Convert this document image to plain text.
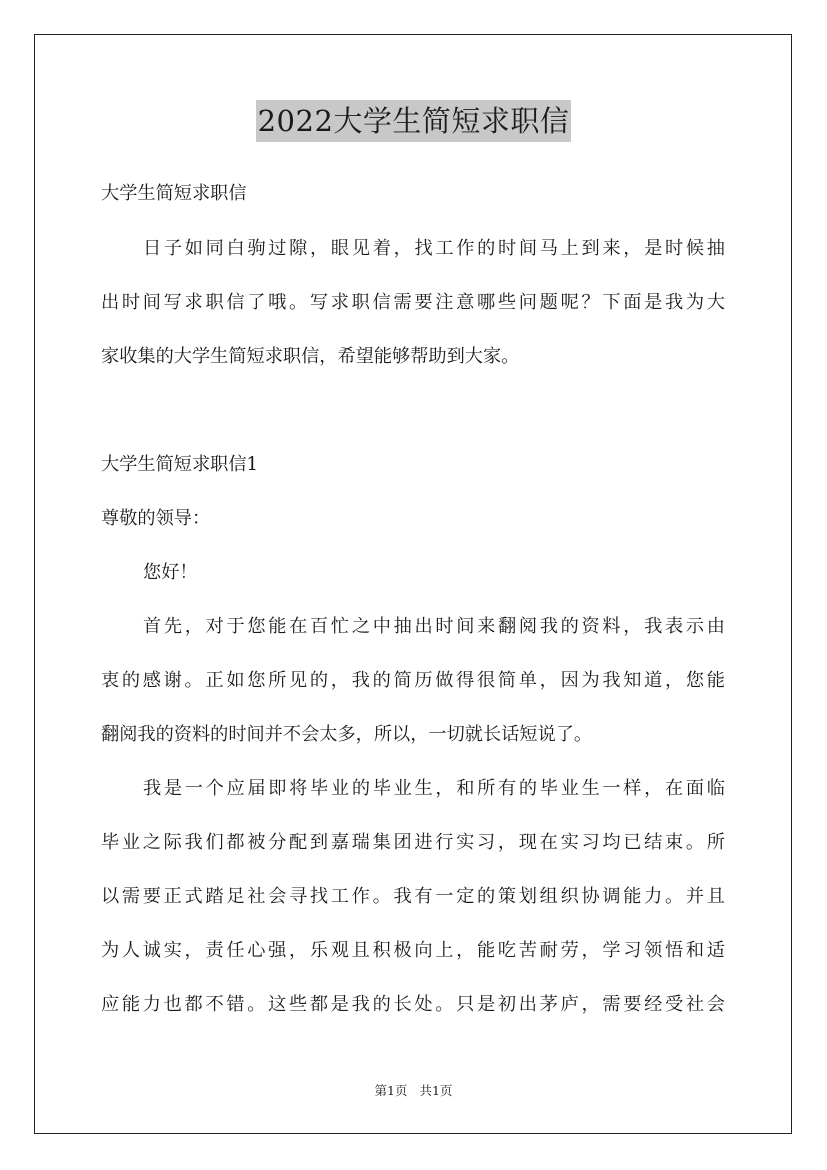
2022大学生简短求职信
大学生简短求职信
日子如同白驹过隙，眼见着，找工作的时间马上到来，是时候抽
出时间写求职信了哦。写求职信需要注意哪些问题呢？下面是我为大
家收集的大学生简短求职信，希望能够帮助到大家。
大学生简短求职信1
尊敬的领导：
您好！
首先，对于您能在百忙之中抽出时间来翻阅我的资料，我表示由
衷的感谢。正如您所见的，我的简历做得很简单，因为我知道，您能
翻阅我的资料的时间并不会太多，所以，一切就长话短说了。
我是一个应届即将毕业的毕业生，和所有的毕业生一样，在面临
毕业之际我们都被分配到嘉瑞集团进行实习，现在实习均已结束。所
以需要正式踏足社会寻找工作。我有一定的策划组织协调能力。并且
为人诚实，责任心强，乐观且积极向上，能吃苦耐劳，学习领悟和适
应能力也都不错。这些都是我的长处。只是初出茅庐，需要经受社会
第1页 共1页
